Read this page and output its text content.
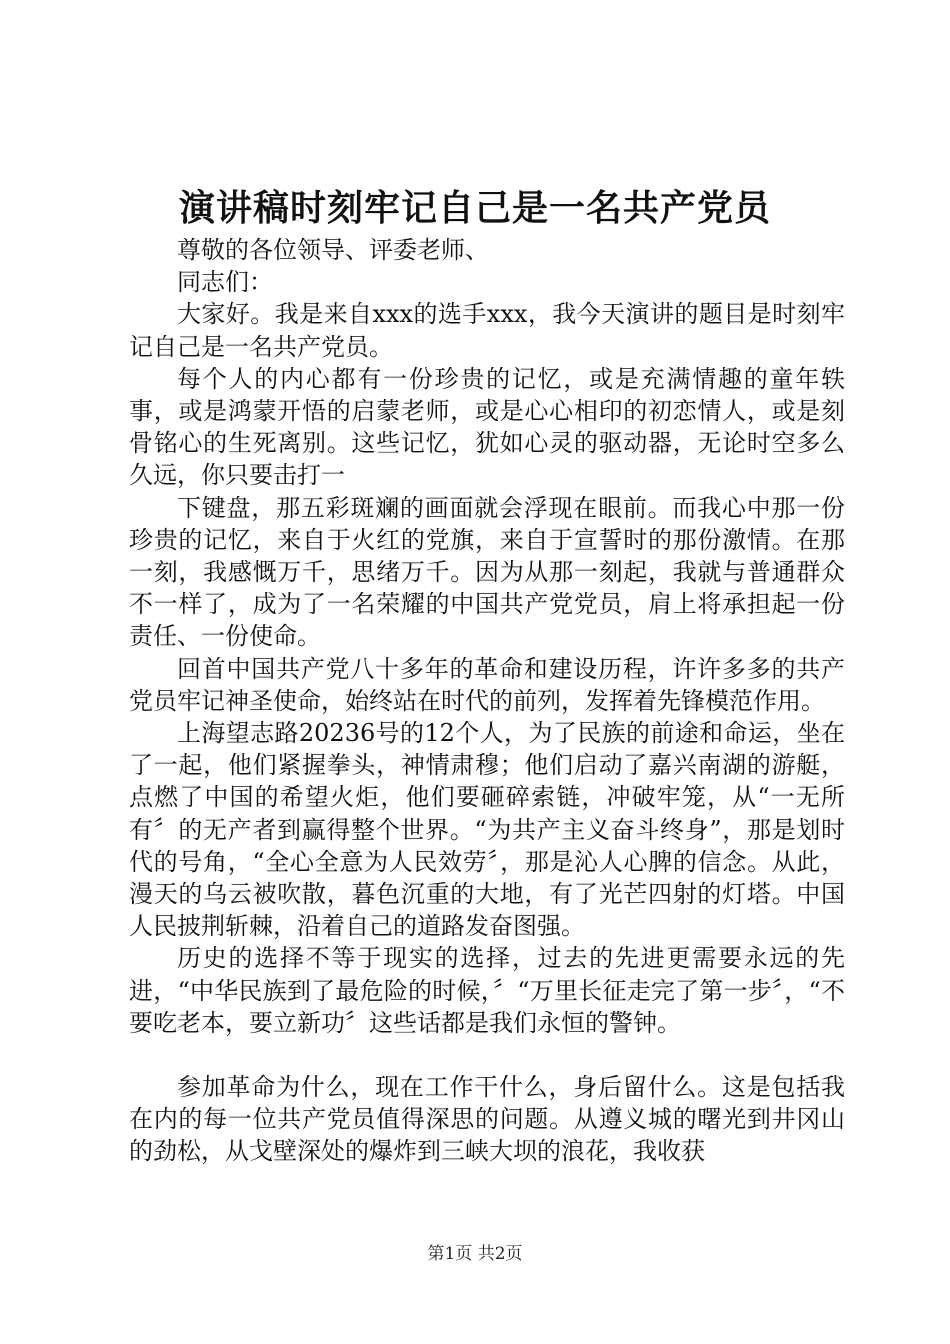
演讲稿时刻牢记自己是一名共产党员

尊敬的各位领导、评委老师、

同志们：

大家好。我是来自xxx的选手xxx，我今天演讲的题目是时刻牢记自己是一名共产党员。

每个人的内心都有一份珍贵的记忆，或是充满情趣的童年轶事，或是鸿蒙开悟的启蒙老师，或是心心相印的初恋情人，或是刻骨铭心的生死离别。这些记忆，犹如心灵的驱动器，无论时空多么久远，你只要击打一

下键盘，那五彩斑斓的画面就会浮现在眼前。而我心中那一份珍贵的记忆，来自于火红的党旗，来自于宣誓时的那份激情。在那一刻，我感慨万千，思绪万千。因为从那一刻起，我就与普通群众不一样了，成为了一名荣耀的中国共产党党员，肩上将承担起一份责任、一份使命。

回首中国共产党八十多年的革命和建设历程，许许多多的共产党员牢记神圣使命，始终站在时代的前列，发挥着先锋模范作用。

上海望志路20236号的12个人，为了民族的前途和命运，坐在了一起，他们紧握拳头，神情肃穆；他们启动了嘉兴南湖的游艇，点燃了中国的希望火炬，他们要砸碎索链，冲破牢笼，从“一无所有〞的无产者到赢得整个世界。“为共产主义奋斗终身”，那是划时代的号角，“全心全意为人民效劳〞，那是沁人心脾的信念。从此，漫天的乌云被吹散，暮色沉重的大地，有了光芒四射的灯塔。中国人民披荆斩棘，沿着自己的道路发奋图强。

历史的选择不等于现实的选择，过去的先进更需要永远的先进，“中华民族到了最危险的时候，〞“万里长征走完了第一步〞，“不要吃老本，要立新功〞这些话都是我们永恒的警钟。

参加革命为什么，现在工作干什么，身后留什么。这是包括我在内的每一位共产党员值得深思的问题。从遵义城的曙光到井冈山的劲松，从戈壁深处的爆炸到三峡大坝的浪花，我收获

第1页 共2页
